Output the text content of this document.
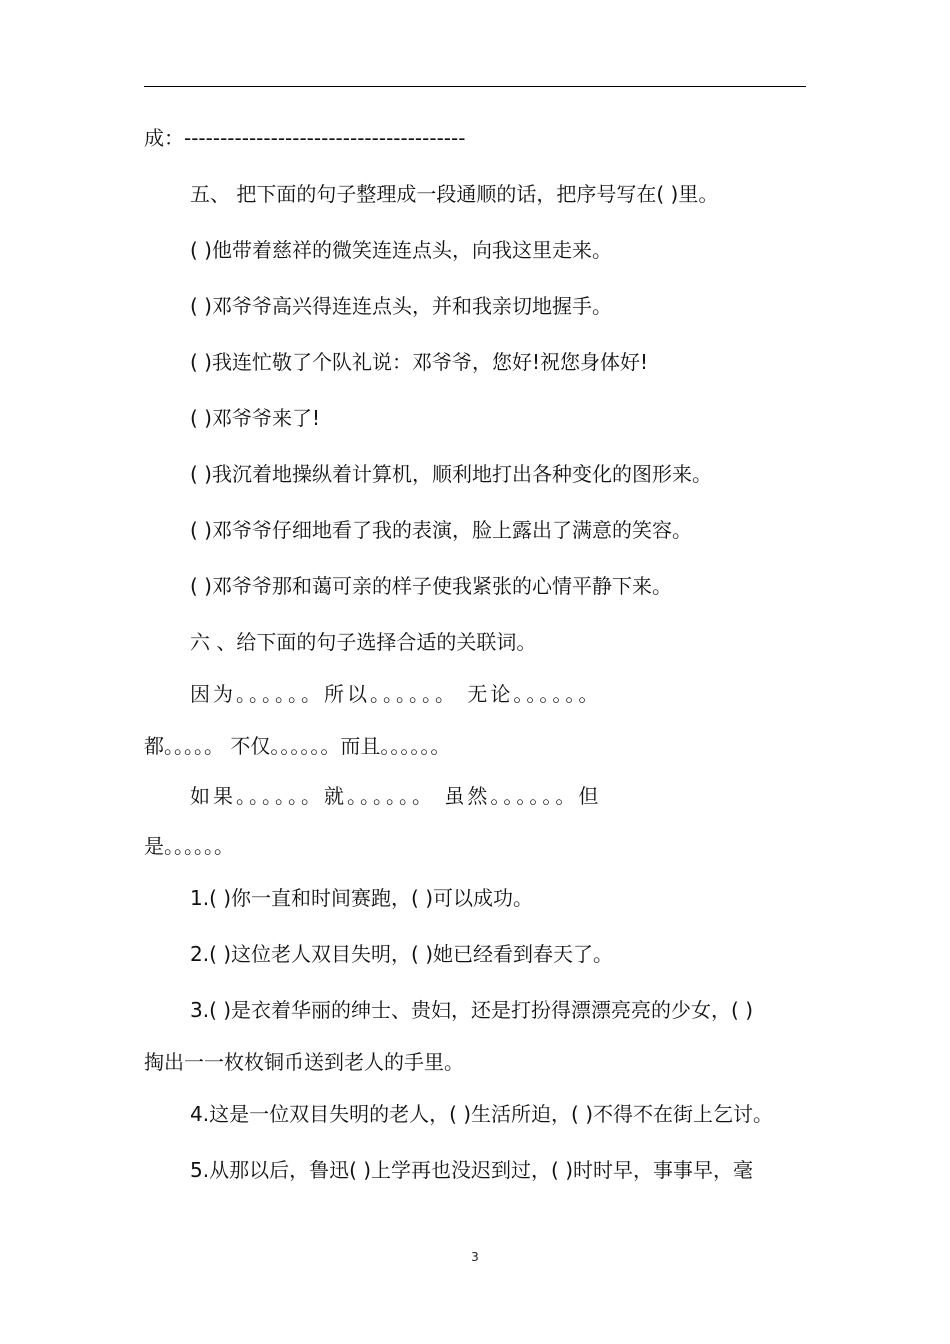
成：---------------------------------------
五、 把下面的句子整理成一段通顺的话，把序号写在( )里。
( )他带着慈祥的微笑连连点头，向我这里走来。
( )邓爷爷高兴得连连点头，并和我亲切地握手。
( )我连忙敬了个队礼说：邓爷爷，您好!祝您身体好!
( )邓爷爷来了!
( )我沉着地操纵着计算机，顺利地打出各种变化的图形来。
( )邓爷爷仔细地看了我的表演，脸上露出了满意的笑容。
( )邓爷爷那和蔼可亲的样子使我紧张的心情平静下来。
六 、给下面的句子选择合适的关联词。
因为。。。。。。所以。。。。。。 无论。。。。。。
都。。。。。 不仅。。。。。。而且。。。。。。
如果。。。。。。就。。。。。。 虽然。。。。。。但
是。。。。。。
1.( )你一直和时间赛跑，( )可以成功。
2.( )这位老人双目失明，( )她已经看到春天了。
3.( )是衣着华丽的绅士、贵妇，还是打扮得漂漂亮亮的少女，( )
掏出一一枚枚铜币送到老人的手里。
4.这是一位双目失明的老人，( )生活所迫，( )不得不在街上乞讨。
5.从那以后，鲁迅( )上学再也没迟到过，( )时时早，事事早，毫
3
